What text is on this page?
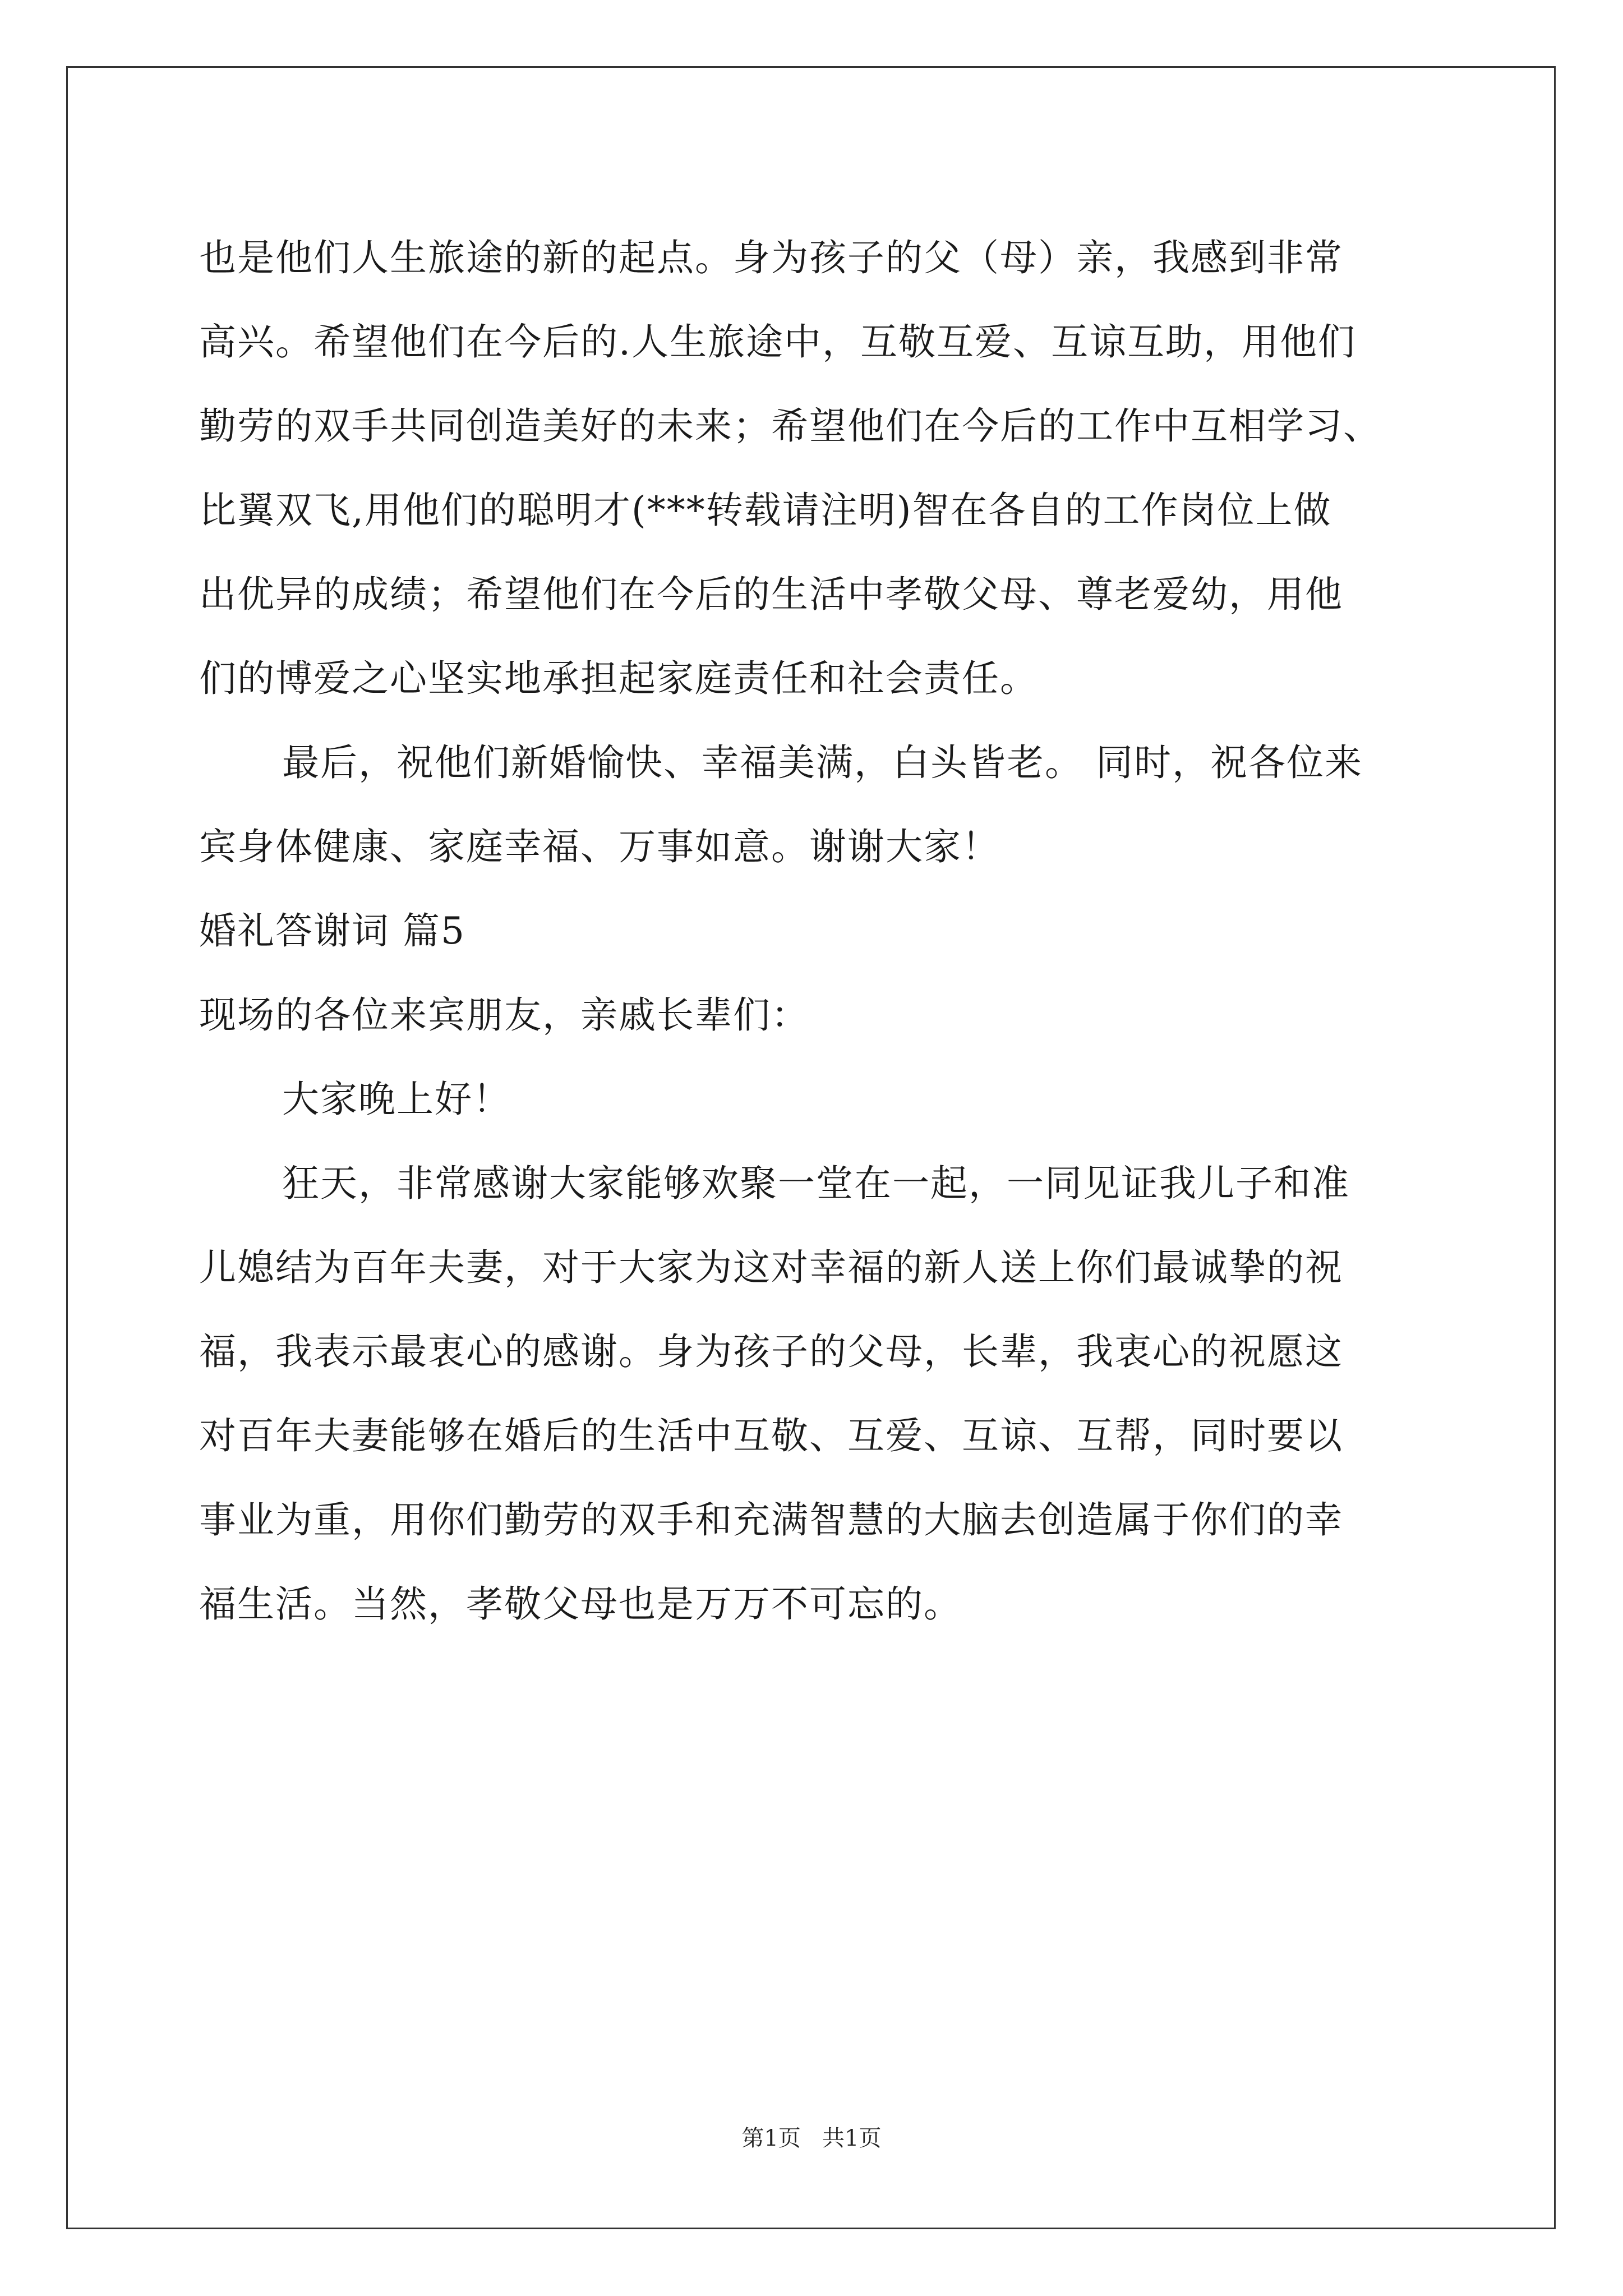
也是他们人生旅途的新的起点。身为孩子的父（母）亲，我感到非常
高兴。希望他们在今后的.人生旅途中，互敬互爱、互谅互助，用他们
勤劳的双手共同创造美好的未来；希望他们在今后的工作中互相学习、
比翼双飞,用他们的聪明才(***转载请注明)智在各自的工作岗位上做
出优异的成绩；希望他们在今后的生活中孝敬父母、尊老爱幼，用他
们的博爱之心坚实地承担起家庭责任和社会责任。
最后，祝他们新婚愉快、幸福美满，白头皆老。 同时，祝各位来
宾身体健康、家庭幸福、万事如意。谢谢大家！
婚礼答谢词 篇5
现场的各位来宾朋友，亲戚长辈们：
大家晚上好！
狂天，非常感谢大家能够欢聚一堂在一起，一同见证我儿子和准
儿媳结为百年夫妻，对于大家为这对幸福的新人送上你们最诚挚的祝
福，我表示最衷心的感谢。身为孩子的父母，长辈，我衷心的祝愿这
对百年夫妻能够在婚后的生活中互敬、互爱、互谅、互帮，同时要以
事业为重，用你们勤劳的双手和充满智慧的大脑去创造属于你们的幸
福生活。当然，孝敬父母也是万万不可忘的。
第1页   共1页
